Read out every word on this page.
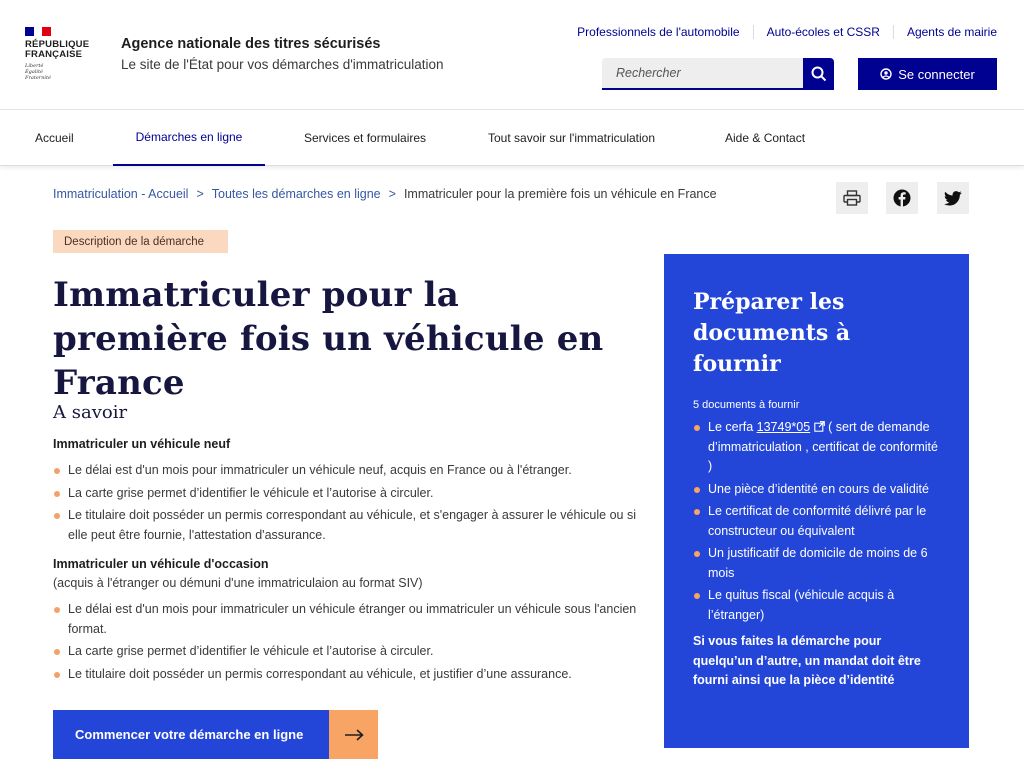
RÉPUBLIQUE
FRANÇAISE
Liberté
Égalité
Fraternité
Agence nationale des titres sécurisés
Le site de l'État pour vos démarches d'immatriculation
Professionnels de l'automobile	Auto-écoles et CSSR	Agents de mairie
Rechercher
Se connecter
Accueil	Démarches en ligne	Services et formulaires	Tout savoir sur l'immatriculation	Aide & Contact
Immatriculation - Accueil > Toutes les démarches en ligne > Immatriculer pour la première fois un véhicule en France
Description de la démarche
Immatriculer pour la première fois un véhicule en France
A savoir
Immatriculer un véhicule neuf
Le délai est d'un mois pour immatriculer un véhicule neuf, acquis en France ou à l'étranger.
La carte grise permet d’identifier le véhicule et l’autorise à circuler.
Le titulaire doit posséder un permis correspondant au véhicule, et s'engager à assurer le véhicule ou si elle peut être fournie, l'attestation d'assurance.
Immatriculer un véhicule d'occasion
(acquis à l'étranger ou démuni d'une immatriculaion au format SIV)
Le délai est d'un mois pour immatriculer un véhicule étranger ou immatriculer un véhicule sous l'ancien format.
La carte grise permet d’identifier le véhicule et l’autorise à circuler.
Le titulaire doit posséder un permis correspondant au véhicule, et justifier d’une assurance.
Commencer votre démarche en ligne
Préparer les documents à fournir
5 documents à fournir
Le cerfa 13749*05  ( sert de demande d’immatriculation , certificat de conformité )
Une pièce d’identité en cours de validité
Le certificat de conformité délivré par le constructeur ou équivalent
Un justificatif de domicile de moins de 6 mois
Le quitus fiscal (véhicule acquis à l’étranger)
Si vous faites la démarche pour quelqu’un d’autre, un mandat doit être fourni ainsi que la pièce d’identité
